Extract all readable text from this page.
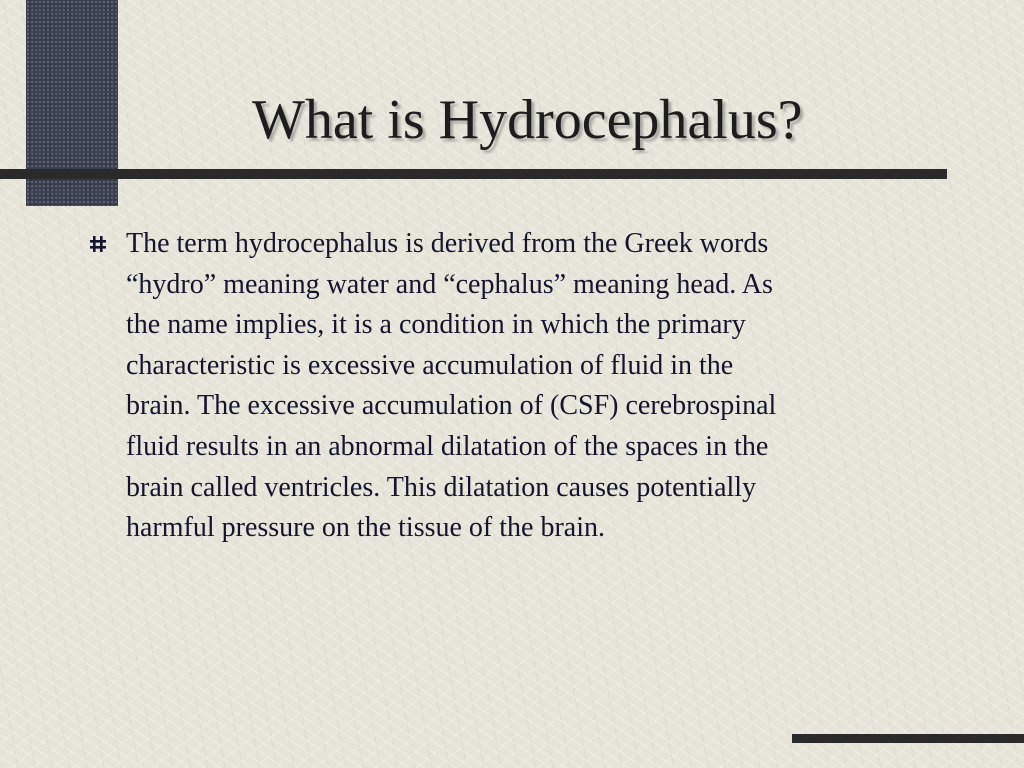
What is Hydrocephalus?
The term hydrocephalus is derived from the Greek words
“hydro” meaning water and “cephalus” meaning head. As
the name implies, it is a condition in which the primary
characteristic is excessive accumulation of fluid in the
brain. The excessive accumulation of (CSF) cerebrospinal
fluid results in an abnormal dilatation of the spaces in the
brain called ventricles. This dilatation causes potentially
harmful pressure on the tissue of the brain.
